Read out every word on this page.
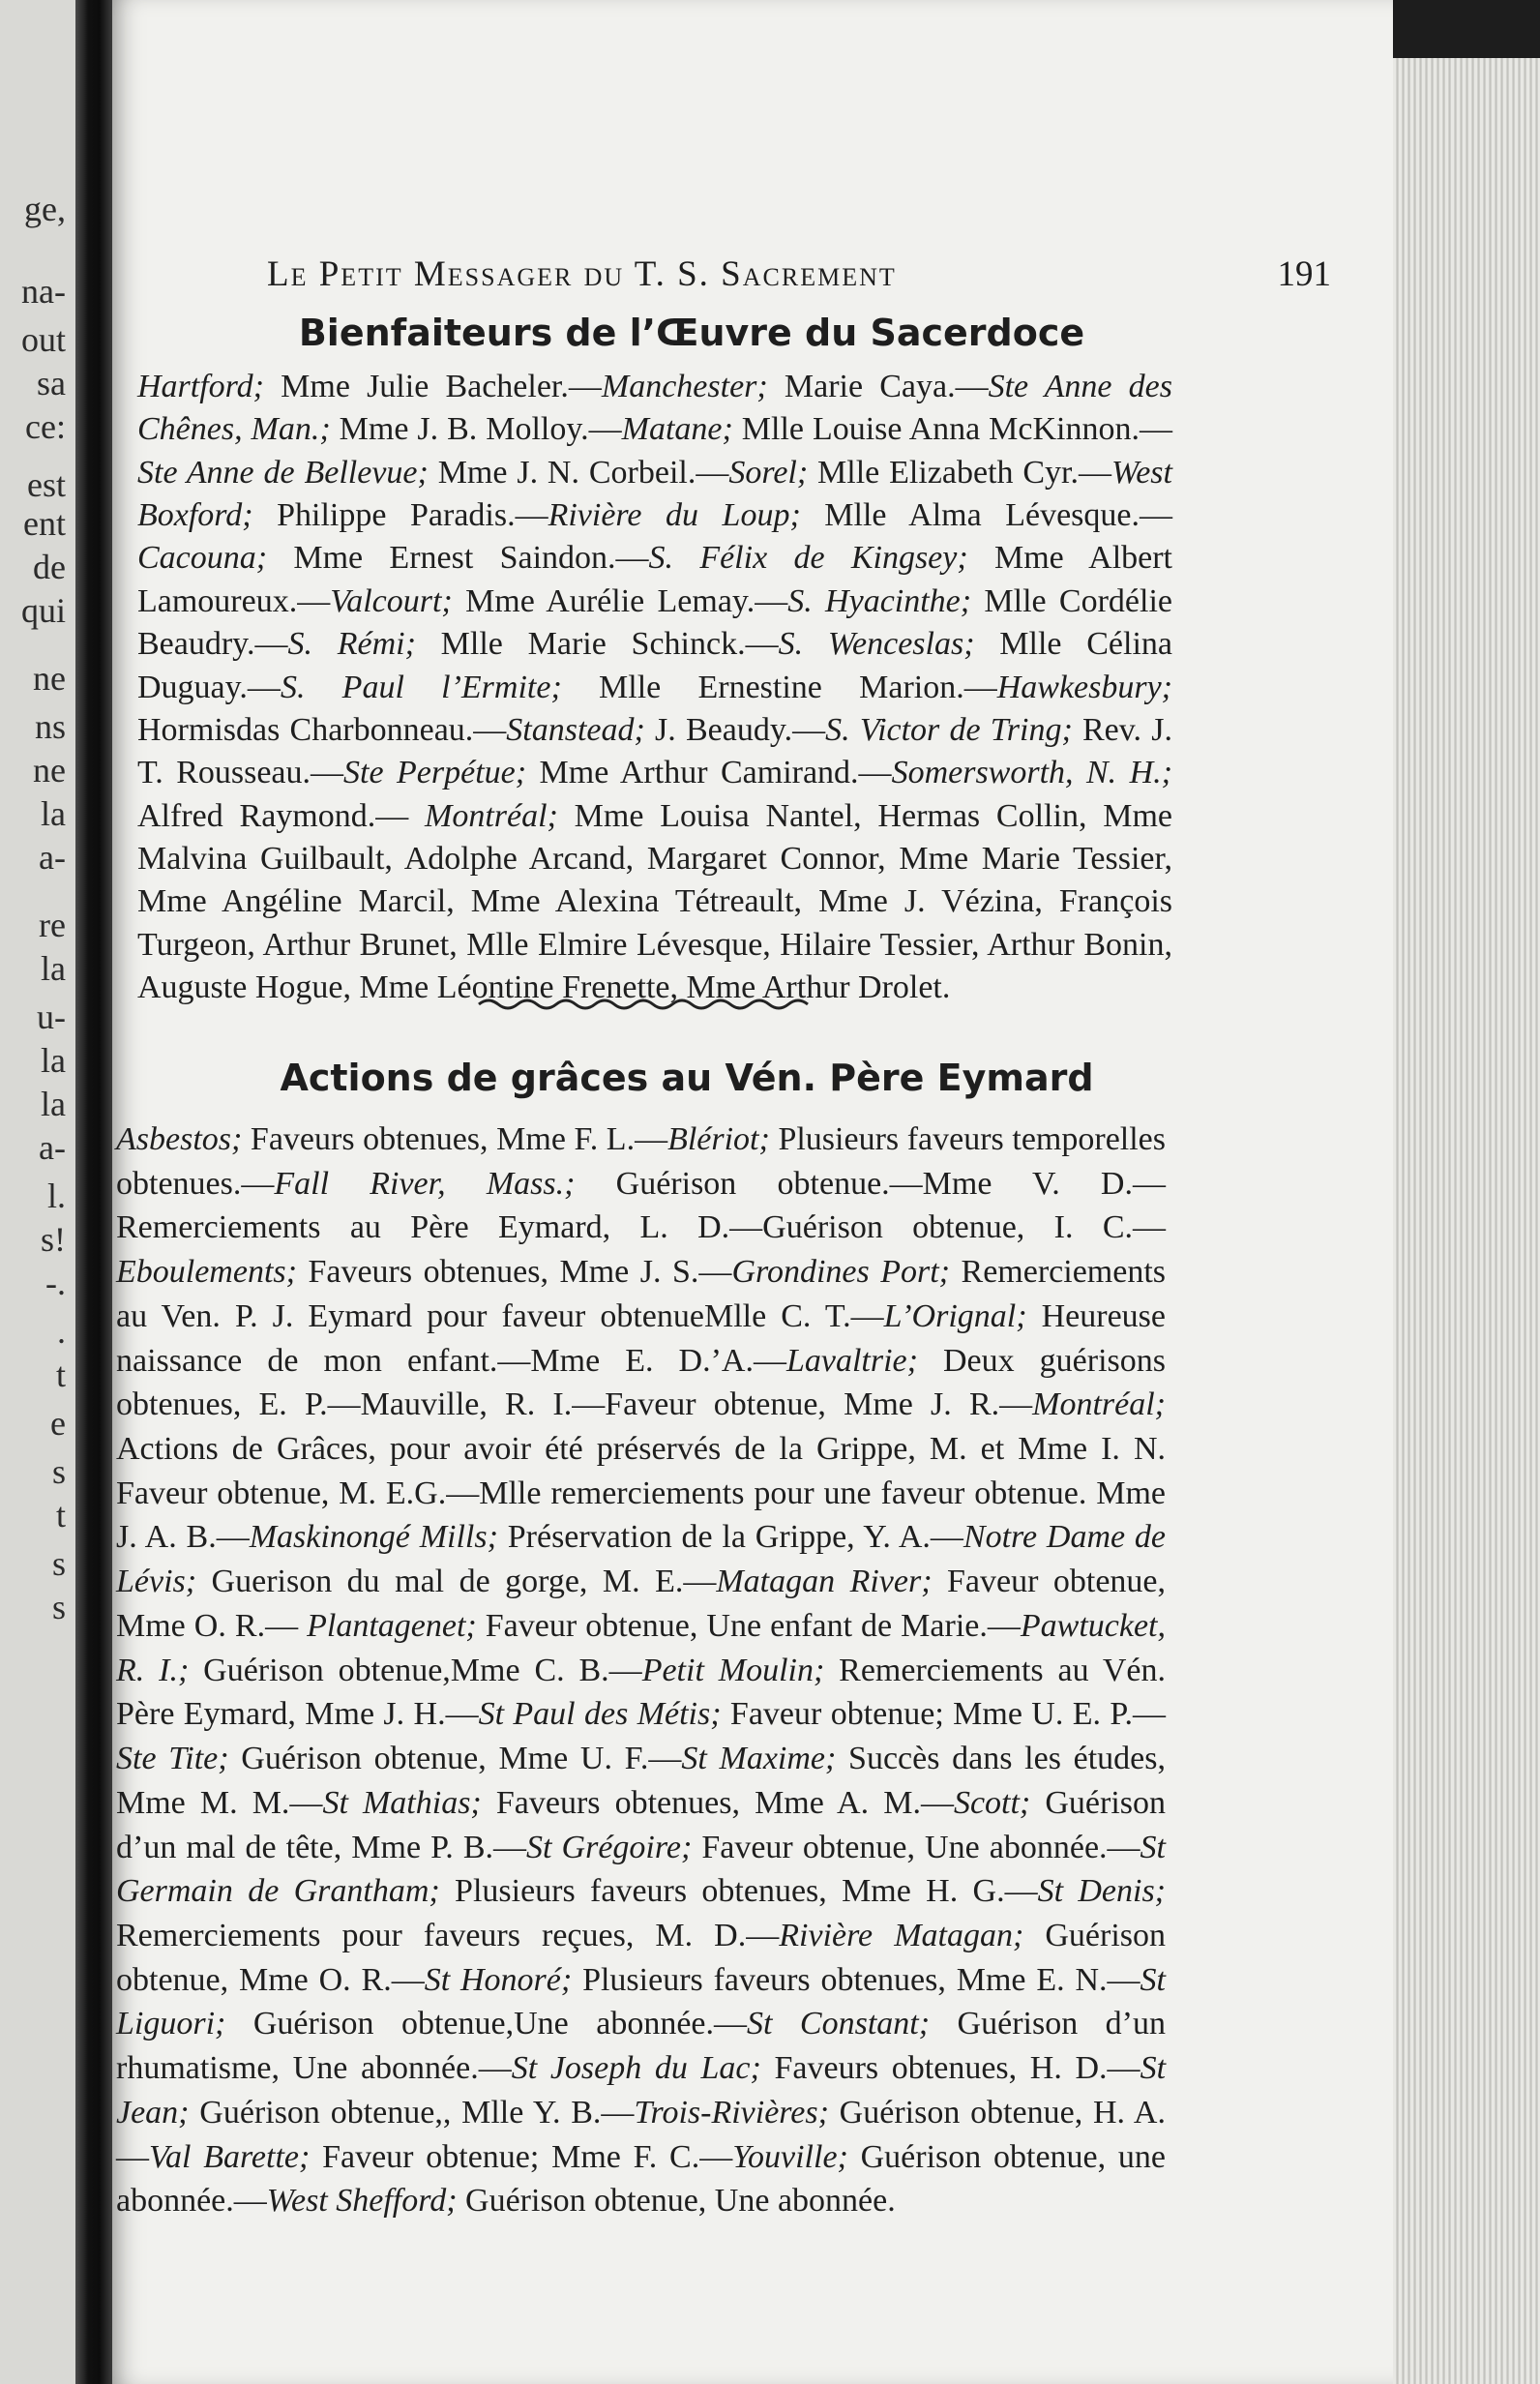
ge,
na-
out
sa
ce:
est
ent
de
qui
ne
ns
ne
la
a-
re
la
u-
la
la
a-
l.
s!
-.
.
t
e
s
t
s
s
Le Petit Messager du T. S. Sacrement	191
Bienfaiteurs de l’Œuvre du Sacerdoce
Hartford; Mme Julie Bacheler.—Manchester; Marie Caya.—Ste Anne des Chênes, Man.; Mme J. B. Molloy.—Matane; Mlle Louise Anna McKinnon.—Ste Anne de Bellevue; Mme J. N. Corbeil.—Sorel; Mlle Elizabeth Cyr.—West Boxford; Philippe Paradis.—Rivière du Loup; Mlle Alma Lévesque.—Cacouna; Mme Ernest Saindon.—S. Félix de Kingsey; Mme Albert Lamoureux.—Valcourt; Mme Aurélie Lemay.—S. Hyacinthe; Mlle Cordélie Beaudry.—S. Rémi; Mlle Marie Schinck.—S. Wenceslas; Mlle Célina Duguay.—S. Paul l’Ermite; Mlle Ernestine Marion.—Hawkesbury; Hormisdas Charbonneau.—Stanstead; J. Beaudy.—S. Victor de Tring; Rev. J. T. Rousseau.—Ste Perpétue; Mme Arthur Camirand.—Somersworth, N. H.; Alfred Raymond.— Montréal; Mme Louisa Nantel, Hermas Collin, Mme Malvina Guilbault, Adolphe Arcand, Margaret Connor, Mme Marie Tessier, Mme Angéline Marcil, Mme Alexina Tétreault, Mme J. Vézina, François Turgeon, Arthur Brunet, Mlle Elmire Lévesque, Hilaire Tessier, Arthur Bonin, Auguste Hogue, Mme Léontine Frenette, Mme Arthur Drolet.
Actions de grâces au Vén. Père Eymard
Asbestos; Faveurs obtenues, Mme F. L.—Blériot; Plusieurs faveurs temporelles obtenues.—Fall River, Mass.; Guérison obtenue.—Mme V. D.—Remerciements au Père Eymard, L. D.—Guérison obtenue, I. C.—Eboulements; Faveurs obtenues, Mme J. S.—Grondines Port; Remerciements au Ven. P. J. Eymard pour faveur obtenueMlle C. T.—L’Orignal; Heureuse naissance de mon enfant.—Mme E. D.’A.—Lavaltrie; Deux guérisons obtenues, E. P.—Mauville, R. I.—Faveur obtenue, Mme J. R.—Montréal; Actions de Grâces, pour avoir été préservés de la Grippe, M. et Mme I. N. Faveur obtenue, M. E.G.—Mlle remerciements pour une faveur obtenue. Mme J. A. B.—Maskinongé Mills; Préservation de la Grippe, Y. A.—Notre Dame de Lévis; Guerison du mal de gorge, M. E.—Matagan River; Faveur obtenue, Mme O. R.— Plantagenet; Faveur obtenue, Une enfant de Marie.—Pawtucket, R. I.; Guérison obtenue,Mme C. B.—Petit Moulin; Remerciements au Vén. Père Eymard, Mme J. H.—St Paul des Métis; Faveur obtenue; Mme U. E. P.—Ste Tite; Guérison obtenue, Mme U. F.—St Maxime; Succès dans les études, Mme M. M.—St Mathias; Faveurs obtenues, Mme A. M.—Scott; Guérison d’un mal de tête, Mme P. B.—St Grégoire; Faveur obtenue, Une abonnée.—St Germain de Grantham; Plusieurs faveurs obtenues, Mme H. G.—St Denis; Remerciements pour faveurs reçues, M. D.—Rivière Matagan; Guérison obtenue, Mme O. R.—St Honoré; Plusieurs faveurs obtenues, Mme E. N.—St Liguori; Guérison obtenue,Une abonnée.—St Constant; Guérison d’un rhumatisme, Une abonnée.—St Joseph du Lac; Faveurs obtenues, H. D.—St Jean; Guérison obtenue,, Mlle Y. B.—Trois-Rivières; Guérison obtenue, H. A.—Val Barette; Faveur obtenue; Mme F. C.—Youville; Guérison obtenue, une abonnée.—West Shefford; Guérison obtenue, Une abonnée.
